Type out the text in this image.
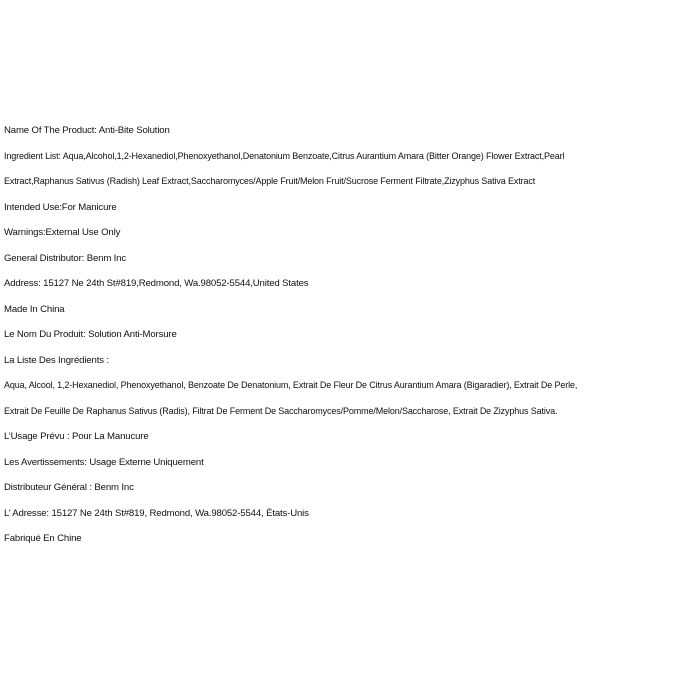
Name Of The Product: Anti-Bite Solution
Ingredient List: Aqua,Alcohol,1,2-Hexanediol,Phenoxyethanol,Denatonium Benzoate,Citrus Aurantium Amara (Bitter Orange) Flower Extract,Pearl
Extract,Raphanus Sativus (Radish) Leaf Extract,Saccharomyces/Apple Fruit/Melon Fruit/Sucrose Ferment Filtrate,Zizyphus Sativa Extract
Intended Use:For Manicure
Warnings:External Use Only
General Distributor: Benm Inc
Address: 15127 Ne 24th St#819,Redmond, Wa.98052-5544,United States
Made In China
Le Nom Du Produit: Solution Anti-Morsure
La Liste Des Ingrédients :
Aqua, Alcool, 1,2-Hexanediol, Phenoxyethanol, Benzoate De Denatonium, Extrait De Fleur De Citrus Aurantium Amara (Bigaradier), Extrait De Perle,
Extrait De Feuille De Raphanus Sativus (Radis), Filtrat De Ferment De Saccharomyces/Pomme/Melon/Saccharose, Extrait De Zizyphus Sativa.
L’Usage Prévu : Pour La Manucure
Les Avertissements: Usage Externe Uniquement
Distributeur Général : Benm Inc
L’ Adresse: 15127 Ne 24th St#819, Redmond, Wa.98052-5544, États-Unis
Fabriqué En Chine
